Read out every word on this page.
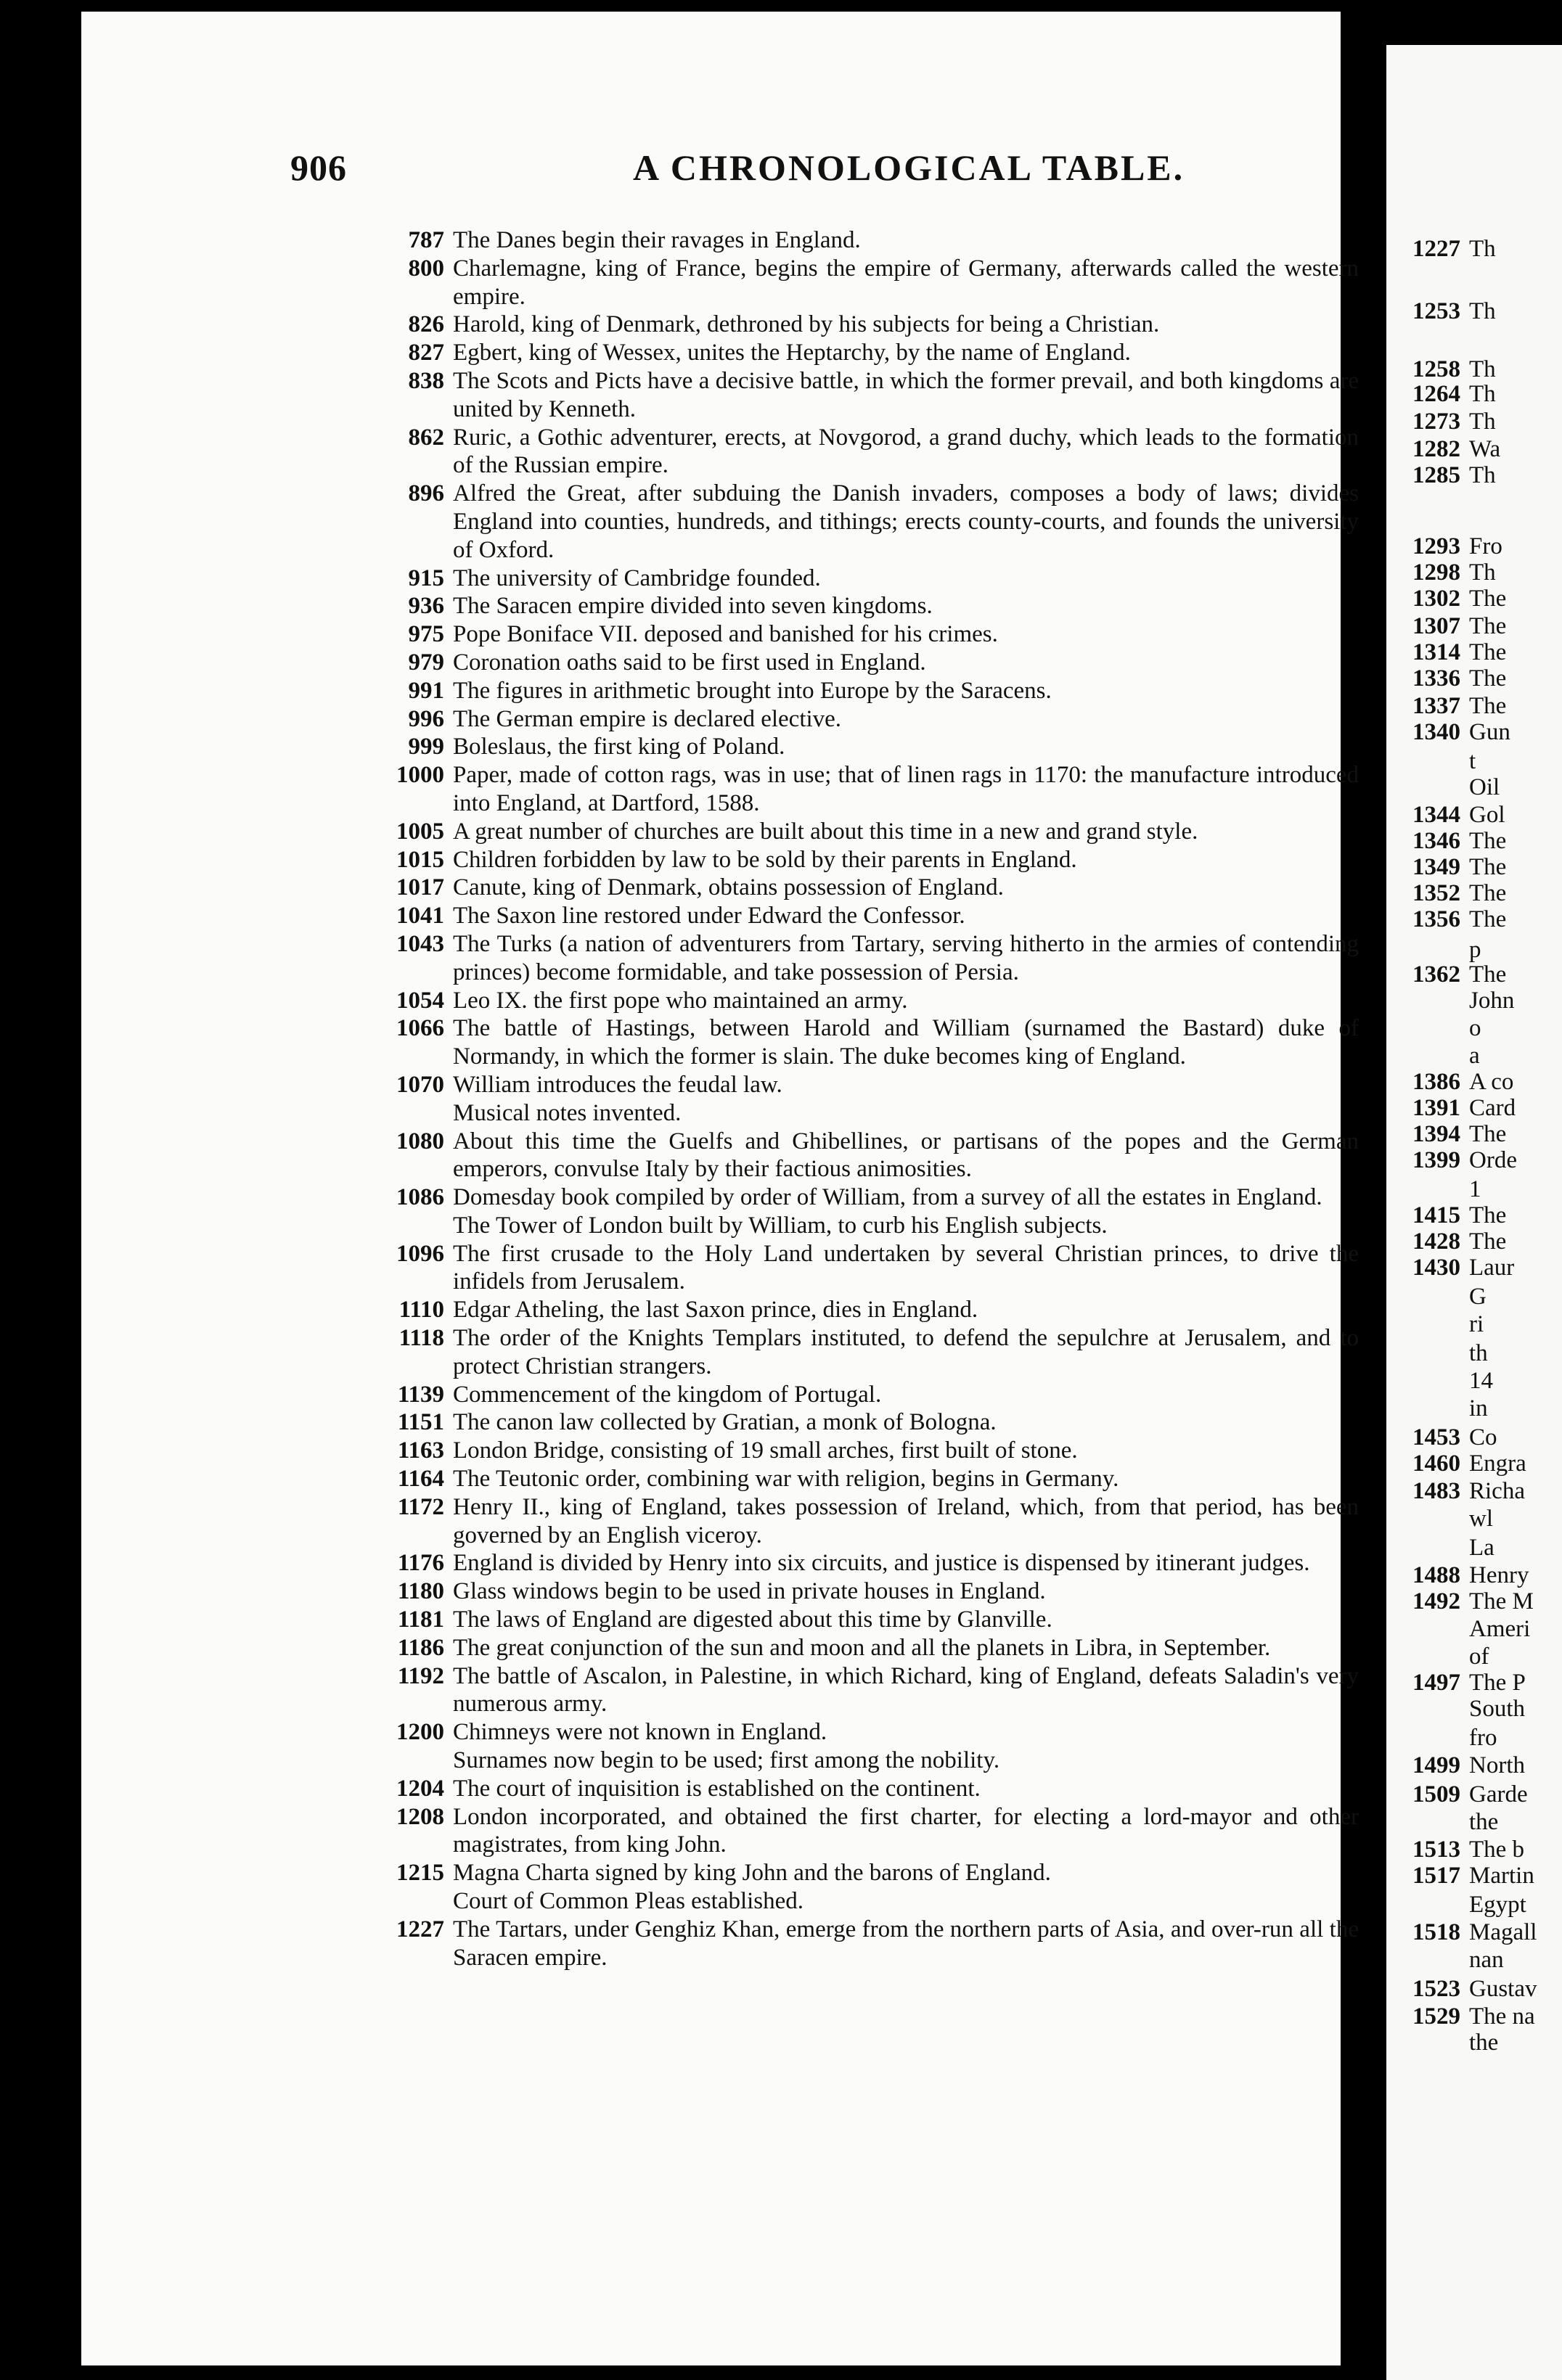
906	A CHRONOLOGICAL TABLE.
787 The Danes begin their ravages in England.
800 Charlemagne, king of France, begins the empire of Germany, afterwards called the western empire.
826 Harold, king of Denmark, dethroned by his subjects for being a Christian.
827 Egbert, king of Wessex, unites the Heptarchy, by the name of England.
838 The Scots and Picts have a decisive battle, in which the former prevail, and both kingdoms are united by Kenneth.
862 Ruric, a Gothic adventurer, erects, at Novgorod, a grand duchy, which leads to the formation of the Russian empire.
896 Alfred the Great, after subduing the Danish invaders, composes a body of laws; divides England into counties, hundreds, and tithings; erects county-courts, and founds the university of Oxford.
915 The university of Cambridge founded.
936 The Saracen empire divided into seven kingdoms.
975 Pope Boniface VII. deposed and banished for his crimes.
979 Coronation oaths said to be first used in England.
991 The figures in arithmetic brought into Europe by the Saracens.
996 The German empire is declared elective.
999 Boleslaus, the first king of Poland.
1000 Paper, made of cotton rags, was in use; that of linen rags in 1170: the manufacture introduced into England, at Dartford, 1588.
1005 A great number of churches are built about this time in a new and grand style.
1015 Children forbidden by law to be sold by their parents in England.
1017 Canute, king of Denmark, obtains possession of England.
1041 The Saxon line restored under Edward the Confessor.
1043 The Turks (a nation of adventurers from Tartary, serving hitherto in the armies of contending princes) become formidable, and take possession of Persia.
1054 Leo IX. the first pope who maintained an army.
1066 The battle of Hastings, between Harold and William (surnamed the Bastard) duke of Normandy, in which the former is slain. The duke becomes king of England.
1070 William introduces the feudal law.
Musical notes invented.
1080 About this time the Guelfs and Ghibellines, or partisans of the popes and the German emperors, convulse Italy by their factious animosities.
1086 Domesday book compiled by order of William, from a survey of all the estates in England.
The Tower of London built by William, to curb his English subjects.
1096 The first crusade to the Holy Land undertaken by several Christian princes, to drive the infidels from Jerusalem.
1110 Edgar Atheling, the last Saxon prince, dies in England.
1118 The order of the Knights Templars instituted, to defend the sepulchre at Jerusalem, and to protect Christian strangers.
1139 Commencement of the kingdom of Portugal.
1151 The canon law collected by Gratian, a monk of Bologna.
1163 London Bridge, consisting of 19 small arches, first built of stone.
1164 The Teutonic order, combining war with religion, begins in Germany.
1172 Henry II., king of England, takes possession of Ireland, which, from that period, has been governed by an English viceroy.
1176 England is divided by Henry into six circuits, and justice is dispensed by itinerant judges.
1180 Glass windows begin to be used in private houses in England.
1181 The laws of England are digested about this time by Glanville.
1186 The great conjunction of the sun and moon and all the planets in Libra, in September.
1192 The battle of Ascalon, in Palestine, in which Richard, king of England, defeats Saladin's very numerous army.
1200 Chimneys were not known in England.
Surnames now begin to be used; first among the nobility.
1204 The court of inquisition is established on the continent.
1208 London incorporated, and obtained the first charter, for electing a lord-mayor and other magistrates, from king John.
1215 Magna Charta signed by king John and the barons of England.
Court of Common Pleas established.
1227 The Tartars, under Genghiz Khan, emerge from the northern parts of Asia, and over-run all the Saracen empire.
1227 Th
1253 Th
1258 Th
1264 Th
1273 Th
1282 Wa
1285 Th
1293 Fro
1298 Th
1302 The
1307 The
1314 The
1336 The
1337 The
1340 Gun
t
Oil
1344 Gol
1346 The
1349 The
1352 The
1356 The
p
1362 The
John
o
a
1386 A co
1391 Card
1394 The
1399 Orde
1
1415 The
1428 The
1430 Laur
G
ri
th
14
in
1453 Co
1460 Engra
1483 Richa
wl
La
1488 Henry
1492 The M
Ameri
of
1497 The P
South
fro
1499 North
1509 Garde
the
1513 The b
1517 Martin
Egypt
1518 Magall
nan
1523 Gustav
1529 The na
the
